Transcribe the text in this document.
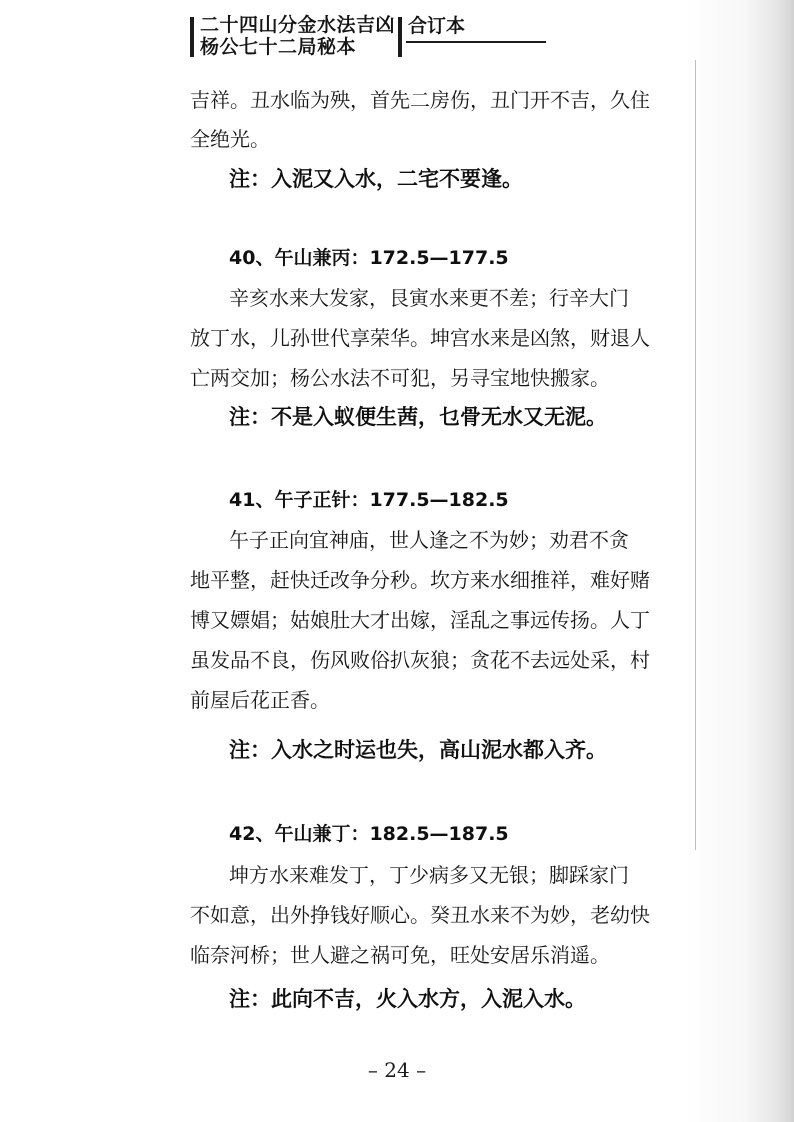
二十四山分金水法吉凶
杨公七十二局秘本
合订本
吉祥。丑水临为殃，首先二房伤，丑门开不吉，久住
全绝光。
注：入泥又入水，二宅不要逢。
40、午山兼丙：172.5—177.5
辛亥水来大发家，艮寅水来更不差；行辛大门
放丁水，儿孙世代享荣华。坤宫水来是凶煞，财退人
亡两交加；杨公水法不可犯，另寻宝地快搬家。
注：不是入蚁便生茜，乜骨无水又无泥。
41、午子正针：177.5—182.5
午子正向宜神庙，世人逢之不为妙；劝君不贪
地平整，赶快迁改争分秒。坎方来水细推祥，难好赌
博又嫖娼；姑娘肚大才出嫁，淫乱之事远传扬。人丁
虽发品不良，伤风败俗扒灰狼；贪花不去远处采，村
前屋后花正香。
注：入水之时运也失，高山泥水都入齐。
42、午山兼丁：182.5—187.5
坤方水来难发丁，丁少病多又无银；脚踩家门
不如意，出外挣钱好顺心。癸丑水来不为妙，老幼快
临奈河桥；世人避之祸可免，旺处安居乐消遥。
注：此向不吉，火入水方，入泥入水。
– 24 –
